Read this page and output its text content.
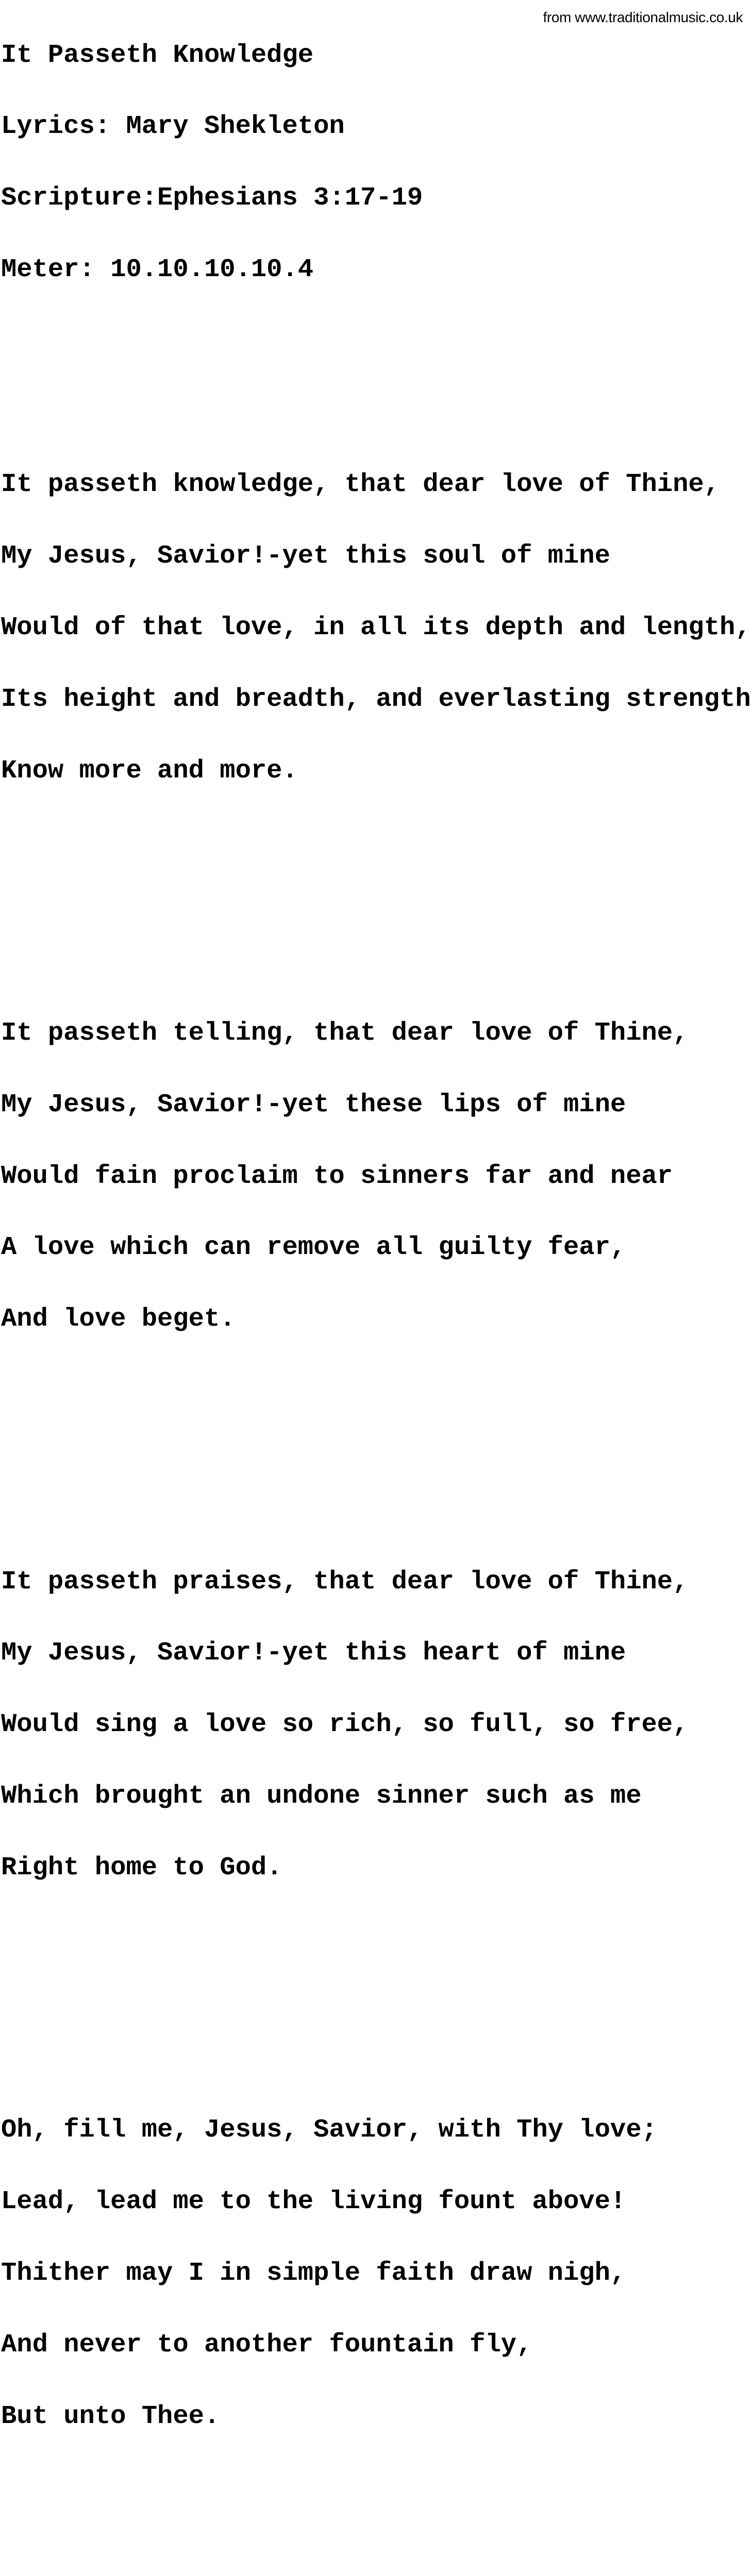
from www.traditionalmusic.co.uk

It Passeth Knowledge

Lyrics: Mary Shekleton

Scripture:Ephesians 3:17-19

Meter: 10.10.10.10.4

It passeth knowledge, that dear love of Thine,

My Jesus, Savior!-yet this soul of mine

Would of that love, in all its depth and length,

Its height and breadth, and everlasting strength

Know more and more.

It passeth telling, that dear love of Thine,

My Jesus, Savior!-yet these lips of mine

Would fain proclaim to sinners far and near

A love which can remove all guilty fear,

And love beget.

It passeth praises, that dear love of Thine,

My Jesus, Savior!-yet this heart of mine

Would sing a love so rich, so full, so free,

Which brought an undone sinner such as me

Right home to God.

Oh, fill me, Jesus, Savior, with Thy love;

Lead, lead me to the living fount above!

Thither may I in simple faith draw nigh,

And never to another fountain fly,

But unto Thee.
